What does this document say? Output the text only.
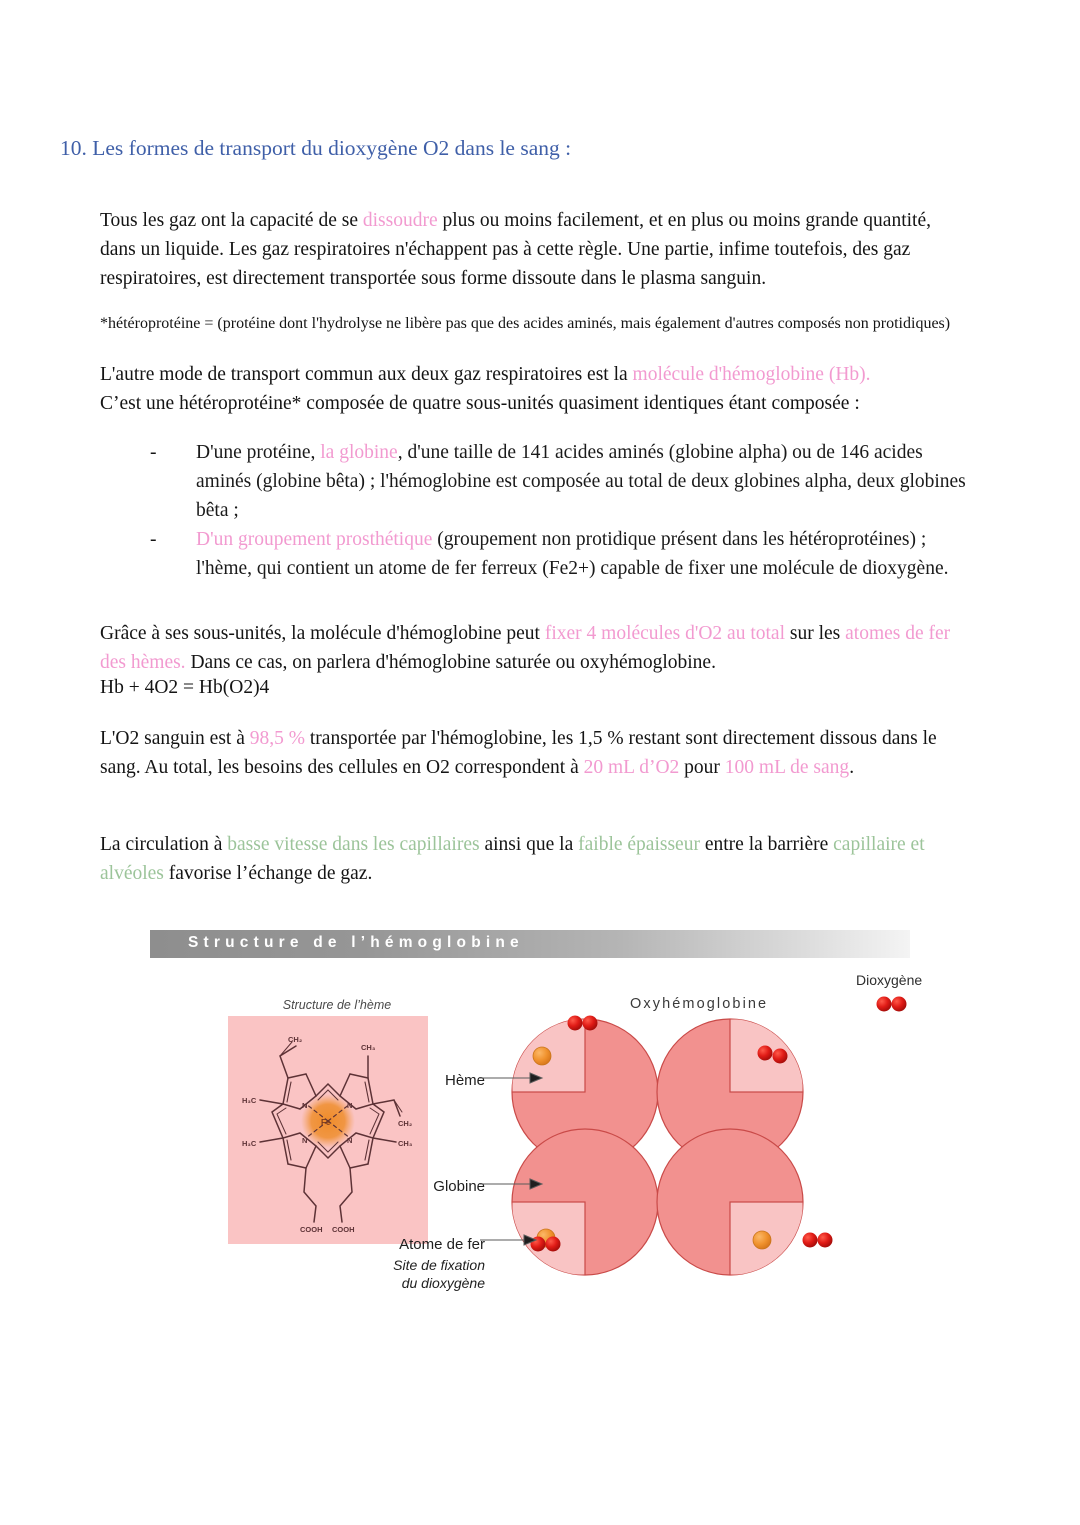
10. Les formes de transport du dioxygène O2 dans le sang :
Tous les gaz ont la capacité de se dissoudre plus ou moins facilement, et en plus ou moins grande quantité, dans un liquide. Les gaz respiratoires n'échappent pas à cette règle. Une partie, infime toutefois, des gaz respiratoires, est directement transportée sous forme dissoute dans le plasma sanguin.
*hétéroprotéine = (protéine dont l'hydrolyse ne libère pas que des acides aminés, mais également d'autres composés non protidiques)
L'autre mode de transport commun aux deux gaz respiratoires est la molécule d'hémoglobine (Hb).
C’est une hétéroprotéine* composée de quatre sous-unités quasiment identiques étant composée :
-	D'une protéine, la globine, d'une taille de 141 acides aminés (globine alpha) ou de 146 acides aminés (globine bêta) ; l'hémoglobine est composée au total de deux globines alpha, deux globines bêta ;
-	D'un groupement prosthétique (groupement non protidique présent dans les hétéroprotéines) ; l'hème, qui contient un atome de fer ferreux (Fe2+) capable de fixer une molécule de dioxygène.
Grâce à ses sous-unités, la molécule d'hémoglobine peut fixer 4 molécules d'O2 au total sur les atomes de fer des hèmes. Dans ce cas, on parlera d'hémoglobine saturée ou oxyhémoglobine.
Hb + 4O2 = Hb(O2)4
L'O2 sanguin est à 98,5 % transportée par l'hémoglobine, les 1,5 % restant sont directement dissous dans le sang. Au total, les besoins des cellules en O2 correspondent à 20 mL d’O2 pour 100 mL de sang.
La circulation à basse vitesse dans les capillaires ainsi que la faible épaisseur entre la barrière capillaire et alvéoles favorise l’échange de gaz.
Structure de l’hémoglobine
Structure de l’hème
CH₂
CH₃
H₃C
CH₂
H₃C	CH₃
N	N
N	N
Fe
COOH COOH
Oxyhémoglobine
Dioxygène
Hème
Globine
Atome de fer
Site de fixation
du dioxygène
